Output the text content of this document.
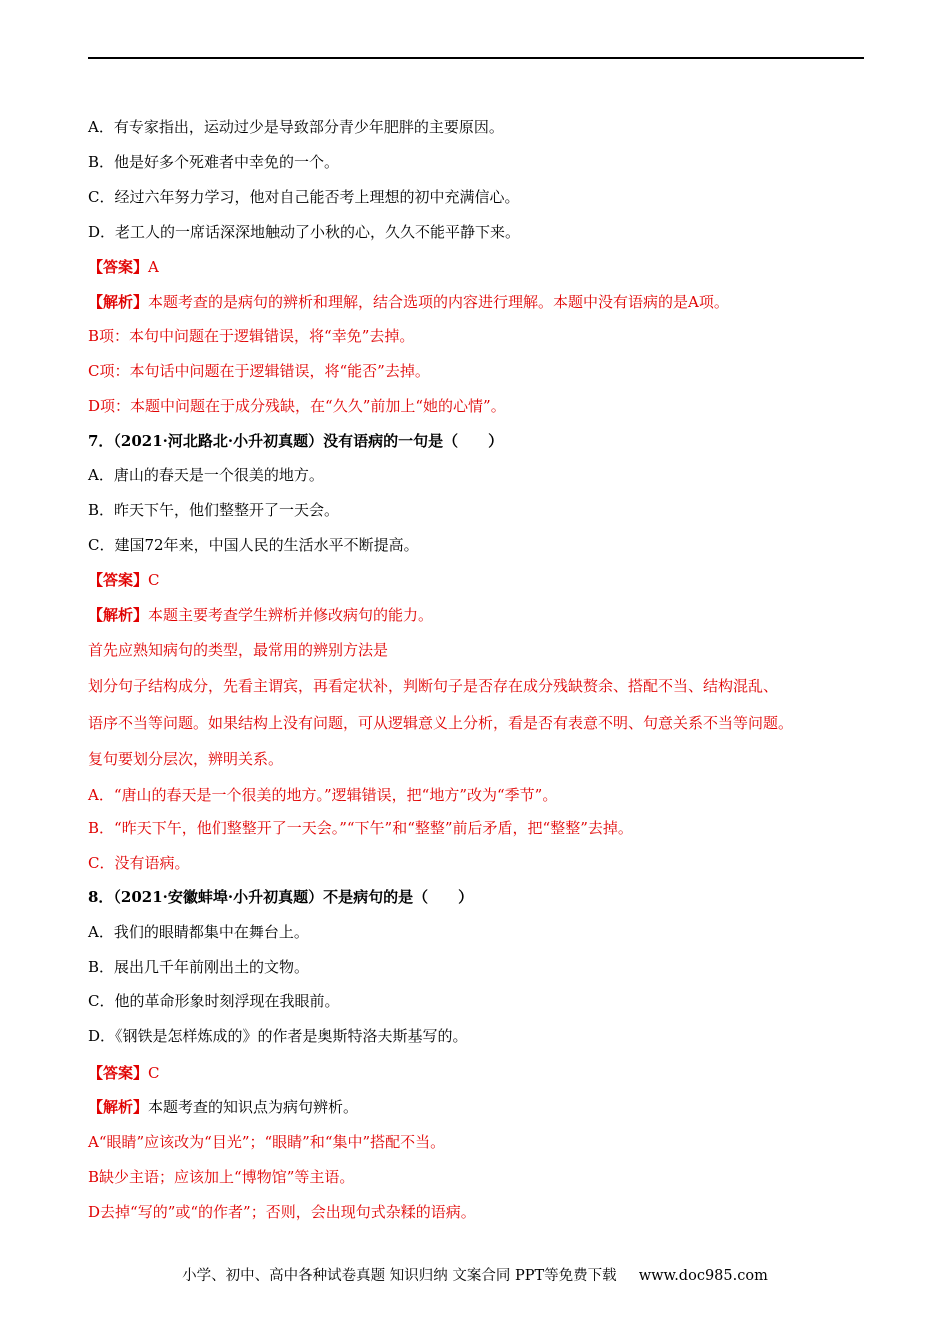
A．有专家指出，运动过少是导致部分青少年肥胖的主要原因。
B．他是好多个死难者中幸免的一个。
C．经过六年努力学习，他对自己能否考上理想的初中充满信心。
D．老工人的一席话深深地触动了小秋的心，久久不能平静下来。
【答案】A
【解析】本题考查的是病句的辨析和理解，结合选项的内容进行理解。本题中没有语病的是A项。
B项：本句中问题在于逻辑错误，将“幸免”去掉。
C项：本句话中问题在于逻辑错误，将“能否”去掉。
D项：本题中问题在于成分残缺，在“久久”前加上“她的心情”。
7．（2021·河北路北·小升初真题）没有语病的一句是（　　）
A．唐山的春天是一个很美的地方。
B．昨天下午，他们整整开了一天会。
C．建国72年来，中国人民的生活水平不断提高。
【答案】C
【解析】本题主要考查学生辨析并修改病句的能力。
首先应熟知病句的类型，最常用的辨别方法是
划分句子结构成分，先看主谓宾，再看定状补，判断句子是否存在成分残缺赘余、搭配不当、结构混乱、
语序不当等问题。如果结构上没有问题，可从逻辑意义上分析，看是否有表意不明、句意关系不当等问题。
复句要划分层次，辨明关系。
A．“唐山的春天是一个很美的地方。”逻辑错误，把“地方”改为“季节”。
B．“昨天下午，他们整整开了一天会。”“下午”和“整整”前后矛盾，把“整整”去掉。
C．没有语病。
8．（2021·安徽蚌埠·小升初真题）不是病句的是（　　）
A．我们的眼睛都集中在舞台上。
B．展出几千年前刚出土的文物。
C．他的革命形象时刻浮现在我眼前。
D．《钢铁是怎样炼成的》的作者是奥斯特洛夫斯基写的。
【答案】C
【解析】本题考查的知识点为病句辨析。
A“眼睛”应该改为“目光”；“眼睛”和“集中”搭配不当。
B缺少主语；应该加上“博物馆”等主语。
D去掉“写的”或“的作者”；否则，会出现句式杂糅的语病。
小学、初中、高中各种试卷真题 知识归纳 文案合同 PPT等免费下载 www.doc985.com
